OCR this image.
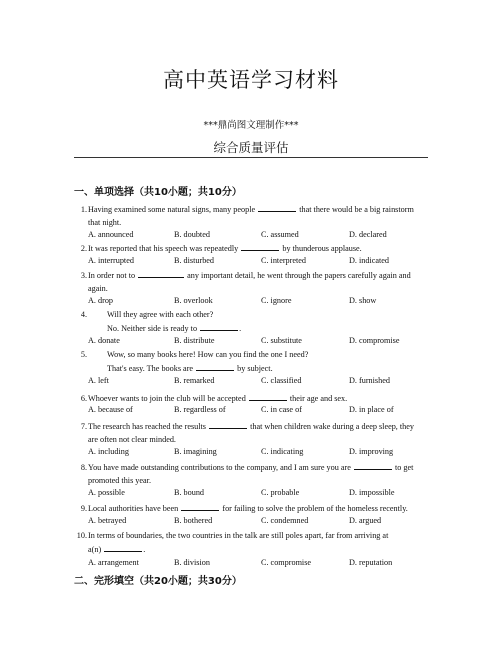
高中英语学习材料
***鼎尚图文理制作***
综合质量评估
一、单项选择（共10小题；共10分）
1.Having examined some natural signs, many people	that there would be a big rainstorm
that night.
A. announced	B. doubted	C. assumed	D. declared
2.It was reported that his speech was repeatedly	by thunderous applause.
A. interrupted	B. disturbed	C. interpreted	D. indicated
3.In order not to	any important detail, he went through the papers carefully again and
again.
A. drop	B. overlook	C. ignore	D. show
4. Will they agree with each other?
No. Neither side is ready to	.
A. donate	B. distribute	C. substitute	D. compromise
5. Wow, so many books here! How can you find the one I need?
That's easy. The books are	by subject.
A. left	B. remarked	C. classified	D. furnished
6.Whoever wants to join the club will be accepted	their age and sex.
A. because of	B. regardless of	C. in case of	D. in place of
7.The research has reached the results	that when children wake during a deep sleep, they
are often not clear minded.
A. including	B. imagining	C. indicating	D. improving
8.You have made outstanding contributions to the company, and I am sure you are	to get
promoted this year.
A. possible	B. bound	C. probable	D. impossible
9.Local authorities have been	for failing to solve the problem of the homeless recently.
A. betrayed	B. bothered	C. condemned	D. argued
10.In terms of boundaries, the two countries in the talk are still poles apart, far from arriving at
a(n)	.
A. arrangement	B. division	C. compromise	D. reputation
二、完形填空（共20小题；共30分）
